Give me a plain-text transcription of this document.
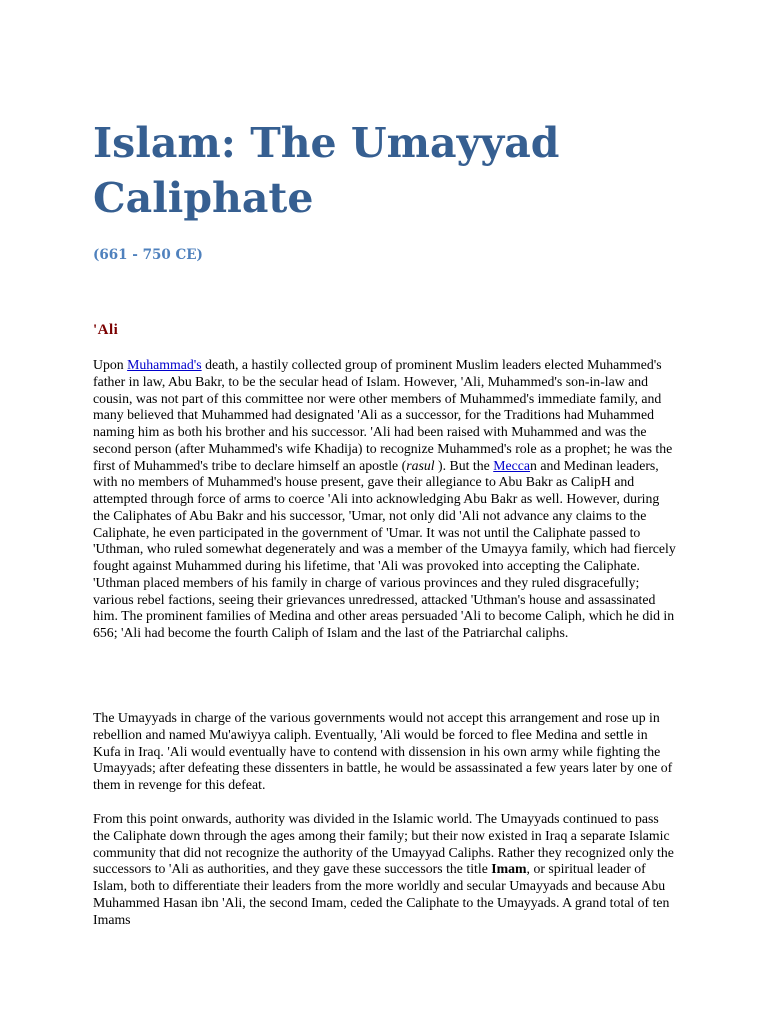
Islam: The Umayyad Caliphate
(661 - 750 CE)
'Ali

Upon Muhammad's death, a hastily collected group of prominent Muslim leaders elected Muhammed's father in law, Abu Bakr, to be the secular head of Islam. However, 'Ali, Muhammed's son-in-law and cousin, was not part of this committee nor were other members of Muhammed's immediate family, and many believed that Muhammed had designated 'Ali as a successor, for the Traditions had Muhammed naming him as both his brother and his successor. 'Ali had been raised with Muhammed and was the second person (after Muhammed's wife Khadija) to recognize Muhammed's role as a prophet; he was the first of Muhammed's tribe to declare himself an apostle (rasul ). But the Meccan and Medinan leaders, with no members of Muhammed's house present, gave their allegiance to Abu Bakr as CalipH and attempted through force of arms to coerce 'Ali into acknowledging Abu Bakr as well. However, during the Caliphates of Abu Bakr and his successor, 'Umar, not only did 'Ali not advance any claims to the Caliphate, he even participated in the government of 'Umar. It was not until the Caliphate passed to 'Uthman, who ruled somewhat degenerately and was a member of the Umayya family, which had fiercely fought against Muhammed during his lifetime, that 'Ali was provoked into accepting the Caliphate. 'Uthman placed members of his family in charge of various provinces and they ruled disgracefully; various rebel factions, seeing their grievances unredressed, attacked 'Uthman's house and assassinated him. The prominent families of Medina and other areas persuaded 'Ali to become Caliph, which he did in 656; 'Ali had become the fourth Caliph of Islam and the last of the Patriarchal caliphs.

The Umayyads in charge of the various governments would not accept this arrangement and rose up in rebellion and named Mu'awiyya caliph. Eventually, 'Ali would be forced to flee Medina and settle in Kufa in Iraq. 'Ali would eventually have to contend with dissension in his own army while fighting the Umayyads; after defeating these dissenters in battle, he would be assassinated a few years later by one of them in revenge for this defeat.

From this point onwards, authority was divided in the Islamic world. The Umayyads continued to pass the Caliphate down through the ages among their family; but their now existed in Iraq a separate Islamic community that did not recognize the authority of the Umayyad Caliphs. Rather they recognized only the successors to 'Ali as authorities, and they gave these successors the title Imam, or spiritual leader of Islam, both to differentiate their leaders from the more worldly and secular Umayyads and because Abu Muhammed Hasan ibn 'Ali, the second Imam, ceded the Caliphate to the Umayyads. A grand total of ten Imams
